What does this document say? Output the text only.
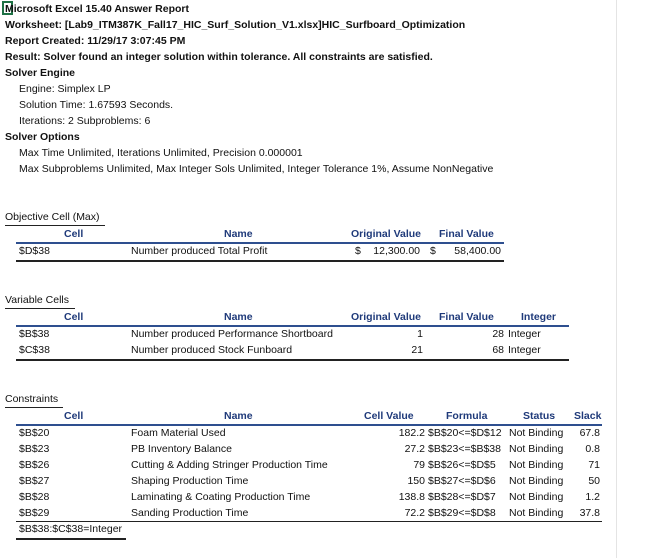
Microsoft Excel 15.40 Answer Report
Worksheet: [Lab9_ITM387K_Fall17_HIC_Surf_Solution_V1.xlsx]HIC_Surfboard_Optimization
Report Created: 11/29/17 3:07:45 PM
Result: Solver found an integer solution within tolerance. All constraints are satisfied.
Solver Engine
Engine: Simplex LP
Solution Time: 1.67593 Seconds.
Iterations: 2 Subproblems: 6
Solver Options
Max Time Unlimited, Iterations Unlimited, Precision 0.000001
Max Subproblems Unlimited, Max Integer Sols Unlimited, Integer Tolerance 1%, Assume NonNegative
Objective Cell (Max)
Cell	Name	Original Value Final Value
$D$38	Number produced Total Profit	$	12,300.00 $	58,400.00
Variable Cells
Cell	Name	Original Value Final Value	Integer
$B$38	Number produced Performance Shortboard	1	28 Integer
$C$38	Number produced Stock Funboard	21	68 Integer
Constraints
Cell	Name	Cell Value	Formula	Status Slack
$B$20	Foam Material Used	182.2 $B$20<=$D$12 Not Binding	67.8
$B$23	PB Inventory Balance	27.2 $B$23<=$B$38 Not Binding	0.8
$B$26	Cutting & Adding Stringer Production Time	79 $B$26<=$D$5 Not Binding	71
$B$27	Shaping Production Time	150 $B$27<=$D$6 Not Binding	50
$B$28	Laminating & Coating Production Time	138.8 $B$28<=$D$7 Not Binding	1.2
$B$29	Sanding Production Time	72.2 $B$29<=$D$8 Not Binding	37.8
$B$38:$C$38=Integer
